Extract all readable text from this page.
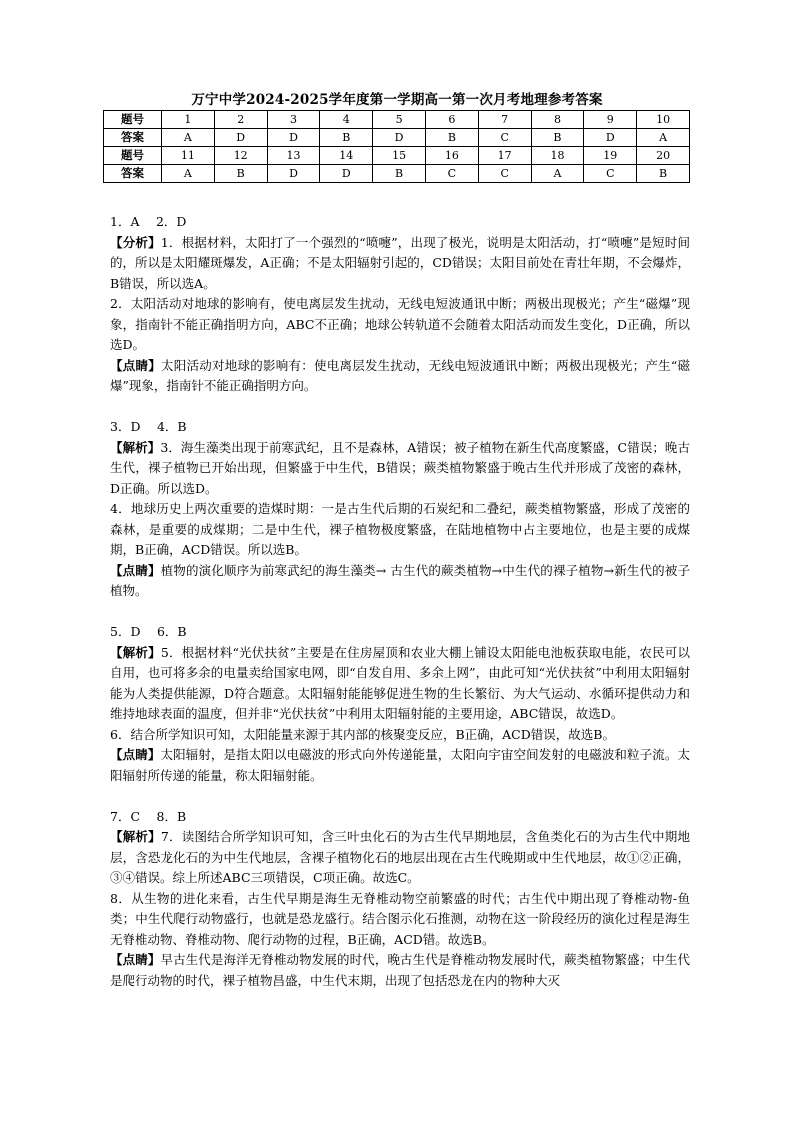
万宁中学2024-2025学年度第一学期高一第一次月考地理参考答案
题号	1	2	3	4	5	6	7	8	9	10
答案	A	D	D	B	D	B	C	B	D	A
题号	11	12	13	14	15	16	17	18	19	20
答案	A	B	D	D	B	C	C	A	C	B

1．A　 2．D

【分析】1．根据材料，太阳打了一个强烈的“喷嚏”，出现了极光，说明是太阳活动，打“喷嚏”是短时间的，所以是太阳耀斑爆发，A正确；不是太阳辐射引起的，CD错误；太阳目前处在青壮年期，不会爆炸，B错误，所以选A。

2．太阳活动对地球的影响有，使电离层发生扰动，无线电短波通讯中断；两极出现极光；产生“磁爆”现象，指南针不能正确指明方向，ABC不正确；地球公转轨道不会随着太阳活动而发生变化，D正确，所以选D。

【点睛】太阳活动对地球的影响有：使电离层发生扰动，无线电短波通讯中断；两极出现极光；产生“磁爆”现象，指南针不能正确指明方向。

3．D　 4．B

【解析】3．海生藻类出现于前寒武纪，且不是森林，A错误；被子植物在新生代高度繁盛，C错误；晚古生代，裸子植物已开始出现，但繁盛于中生代，B错误；蕨类植物繁盛于晚古生代并形成了茂密的森林，D正确。所以选D。

4．地球历史上两次重要的造煤时期：一是古生代后期的石炭纪和二叠纪，蕨类植物繁盛，形成了茂密的森林，是重要的成煤期；二是中生代，裸子植物极度繁盛，在陆地植物中占主要地位，也是主要的成煤期，B正确，ACD错误。所以选B。

【点睛】植物的演化顺序为前寒武纪的海生藻类→ 古生代的蕨类植物→中生代的裸子植物→新生代的被子植物。

5．D　 6．B

【解析】5．根据材料“光伏扶贫”主要是在住房屋顶和农业大棚上铺设太阳能电池板获取电能，农民可以自用，也可将多余的电量卖给国家电网，即“自发自用、多余上网”，由此可知“光伏扶贫”中利用太阳辐射能为人类提供能源，D符合题意。太阳辐射能能够促进生物的生长繁衍、为大气运动、水循环提供动力和维持地球表面的温度，但并非“光伏扶贫”中利用太阳辐射能的主要用途，ABC错误，故选D。

6．结合所学知识可知，太阳能量来源于其内部的核聚变反应，B正确，ACD错误，故选B。

【点睛】太阳辐射，是指太阳以电磁波的形式向外传递能量，太阳向宇宙空间发射的电磁波和粒子流。太阳辐射所传递的能量，称太阳辐射能。

7．C　 8．B

【解析】7．读图结合所学知识可知，含三叶虫化石的为古生代早期地层，含鱼类化石的为古生代中期地层，含恐龙化石的为中生代地层，含裸子植物化石的地层出现在古生代晚期或中生代地层，故①②正确，③④错误。综上所述ABC三项错误，C项正确。故选C。

8．从生物的进化来看，古生代早期是海生无脊椎动物空前繁盛的时代；古生代中期出现了脊椎动物-鱼类；中生代爬行动物盛行，也就是恐龙盛行。结合图示化石推测，动物在这一阶段经历的演化过程是海生无脊椎动物、脊椎动物、爬行动物的过程，B正确，ACD错。故选B。

【点睛】早古生代是海洋无脊椎动物发展的时代，晚古生代是脊椎动物发展时代，蕨类植物繁盛；中生代是爬行动物的时代，裸子植物昌盛，中生代末期，出现了包括恐龙在内的物种大灭
